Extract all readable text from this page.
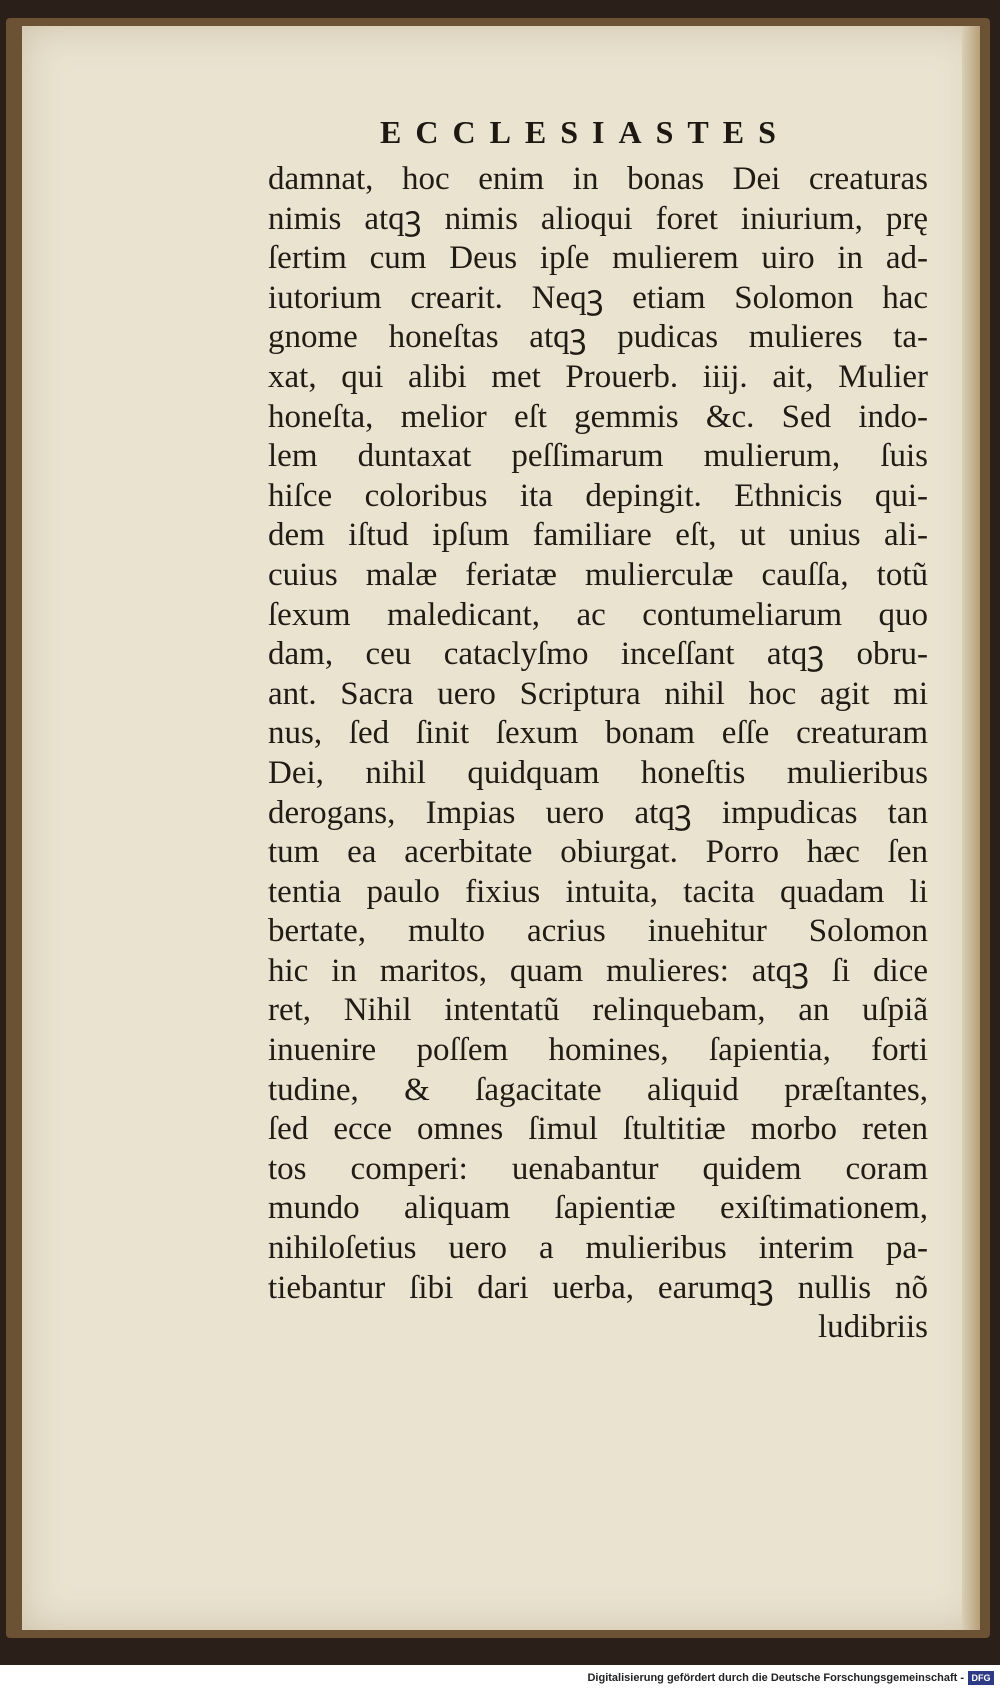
ECCLESIASTES
damnat, hoc enim in bonas Dei creaturas
nimis atqꝫ nimis alioqui foret iniurium, prę
ſertim cum Deus ipſe mulierem uiro in ad-
iutorium crearit. Neqꝫ etiam Solomon hac
gnome honeſtas atqꝫ pudicas mulieres ta-
xat, qui alibi met Prouerb. iiij. ait, Mulier
honeſta, melior eſt gemmis &c. Sed indo-
lem duntaxat peſſimarum mulierum, ſuis
hiſce coloribus ita depingit. Ethnicis qui-
dem iſtud ipſum familiare eſt, ut unius ali-
cuius malæ feriatæ mulierculæ cauſſa, totũ
ſexum maledicant, ac contumeliarum quo
dam, ceu cataclyſmo inceſſant atqꝫ obru-
ant. Sacra uero Scriptura nihil hoc agit mi
nus, ſed ſinit ſexum bonam eſſe creaturam
Dei, nihil quidquam honeſtis mulieribus
derogans, Impias uero atqꝫ impudicas tan
tum ea acerbitate obiurgat. Porro hæc ſen
tentia paulo fixius intuita, tacita quadam li
bertate, multo acrius inuehitur Solomon
hic in maritos, quam mulieres: atqꝫ ſi dice
ret, Nihil intentatũ relinquebam, an uſpiã
inuenire poſſem homines, ſapientia, forti
tudine, & ſagacitate aliquid præſtantes,
ſed ecce omnes ſimul ſtultitiæ morbo reten
tos comperi: uenabantur quidem coram
mundo aliquam ſapientiæ exiſtimationem,
nihiloſetius uero a mulieribus interim pa-
tiebantur ſibi dari uerba, earumqꝫ nullis nõ
ludibriis
Digitalisierung gefördert durch die Deutsche Forschungsgemeinschaft - DFG
